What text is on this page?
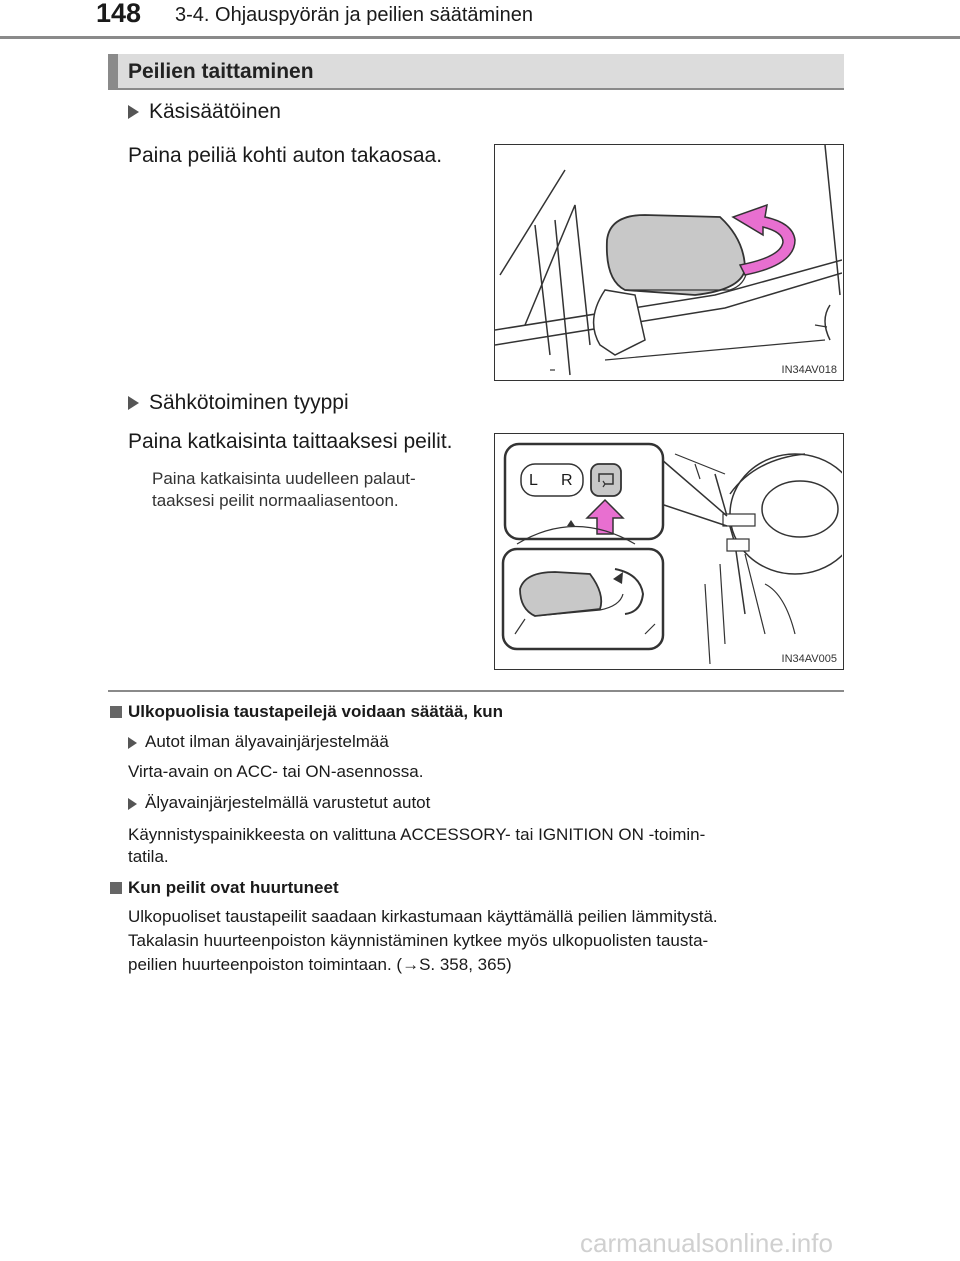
148 3-4. Ohjauspyörän ja peilien säätäminen
Peilien taittaminen
Käsisäätöinen
Paina peiliä kohti auton takaosaa.
IN34AV018
Sähkötoiminen tyyppi
Paina katkaisinta taittaaksesi peilit.
Paina katkaisinta uudelleen palaut-
taaksesi peilit normaaliasentoon.
L R
IN34AV005
Ulkopuolisia taustapeilejä voidaan säätää, kun
Autot ilman älyavainjärjestelmää
Virta-avain on ACC- tai ON-asennossa.
Älyavainjärjestelmällä varustetut autot
Käynnistyspainikkeesta on valittuna ACCESSORY- tai IGNITION ON -toimin-
tatila.
Kun peilit ovat huurtuneet
Ulkopuoliset taustapeilit saadaan kirkastumaan käyttämällä peilien lämmitystä.
Takalasin huurteenpoiston käynnistäminen kytkee myös ulkopuolisten tausta-
peilien huurteenpoiston toimintaan. (→S. 358, 365)
carmanualsonline.info
